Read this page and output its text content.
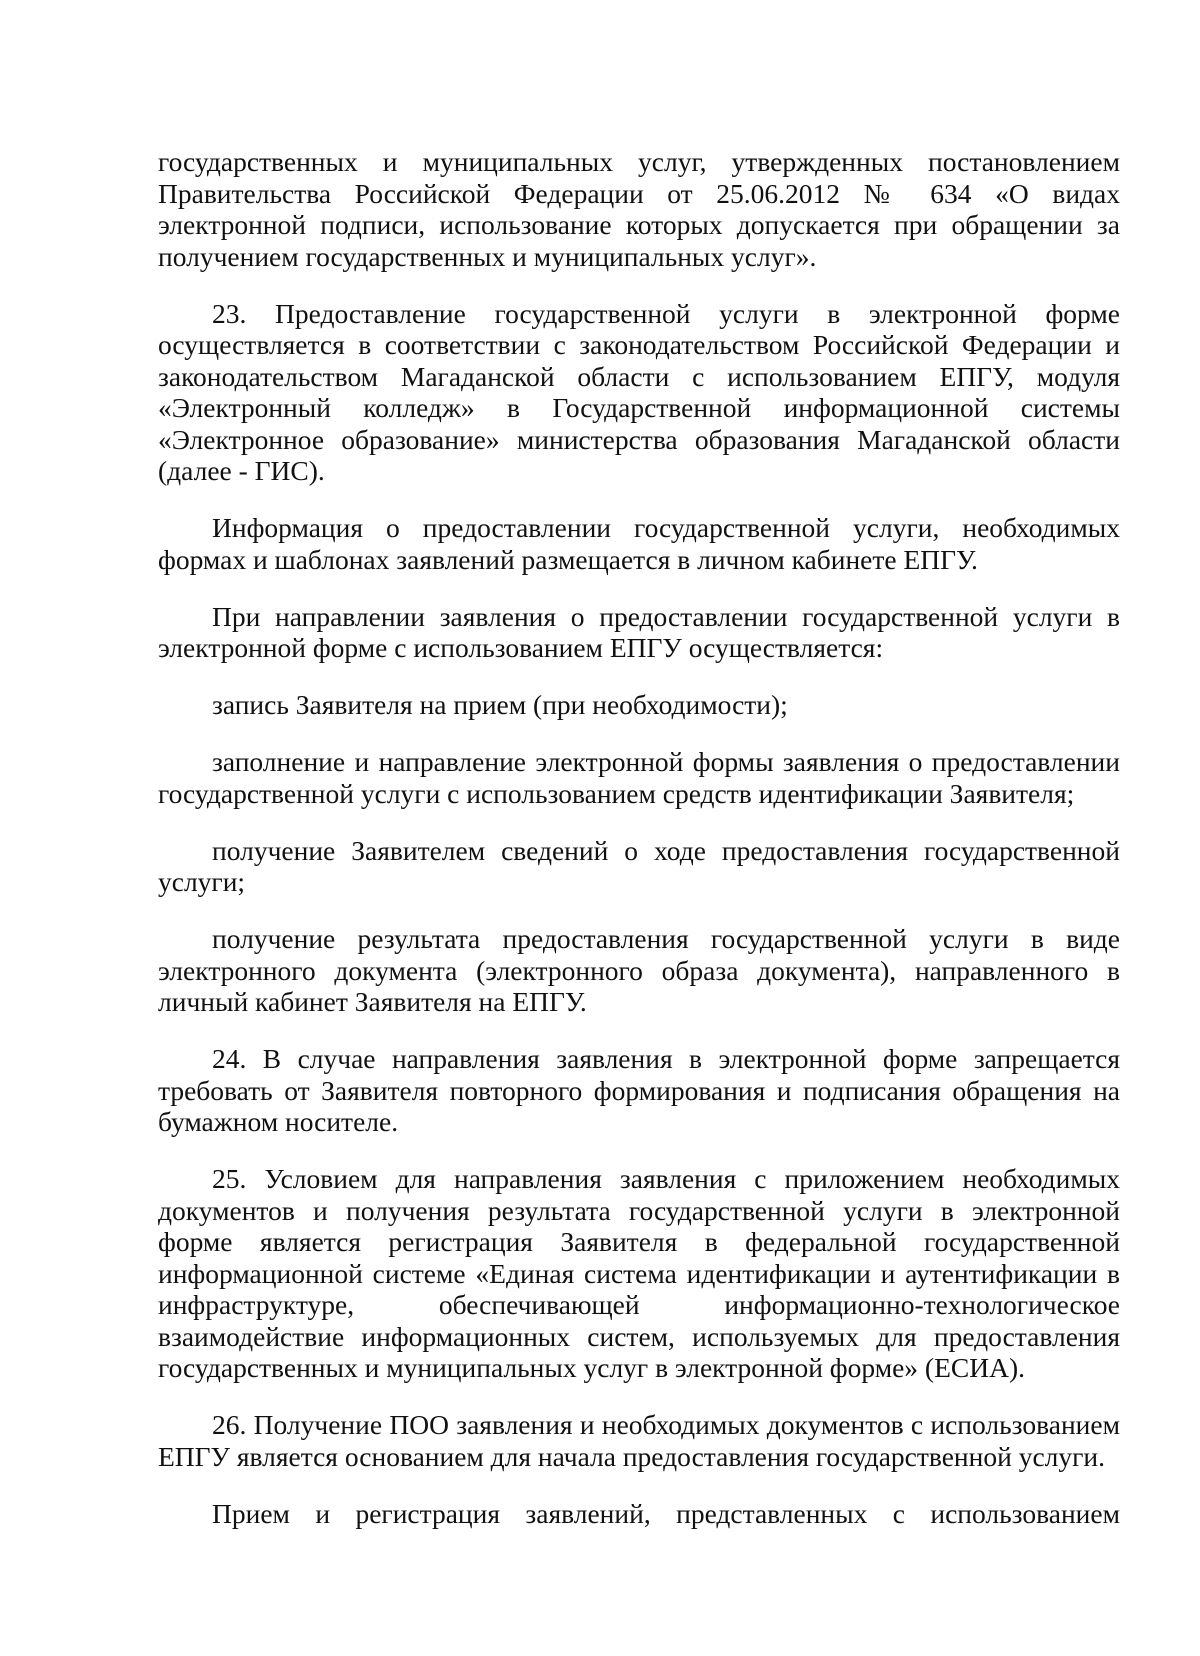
государственных и муниципальных услуг, утвержденных постановлением Правительства Российской Федерации от 25.06.2012 № 634 «О видах электронной подписи, использование которых допускается при обращении за получением государственных и муниципальных услуг».

23. Предоставление государственной услуги в электронной форме осуществляется в соответствии с законодательством Российской Федерации и законодательством Магаданской области с использованием ЕПГУ, модуля «Электронный колледж» в Государственной информационной системы «Электронное образование» министерства образования Магаданской области (далее - ГИС).

Информация о предоставлении государственной услуги, необходимых формах и шаблонах заявлений размещается в личном кабинете ЕПГУ.

При направлении заявления о предоставлении государственной услуги в электронной форме с использованием ЕПГУ осуществляется:

запись Заявителя на прием (при необходимости);

заполнение и направление электронной формы заявления о предоставлении государственной услуги с использованием средств идентификации Заявителя;

получение Заявителем сведений о ходе предоставления государственной услуги;

получение результата предоставления государственной услуги в виде электронного документа (электронного образа документа), направленного в личный кабинет Заявителя на ЕПГУ.

24. В случае направления заявления в электронной форме запрещается требовать от Заявителя повторного формирования и подписания обращения на бумажном носителе.

25. Условием для направления заявления с приложением необходимых документов и получения результата государственной услуги в электронной форме является регистрация Заявителя в федеральной государственной информационной системе «Единая система идентификации и аутентификации в инфраструктуре, обеспечивающей информационно-технологическое взаимодействие информационных систем, используемых для предоставления государственных и муниципальных услуг в электронной форме» (ЕСИА).

26. Получение ПОО заявления и необходимых документов с использованием ЕПГУ является основанием для начала предоставления государственной услуги.

Прием и регистрация заявлений, представленных с использованием
